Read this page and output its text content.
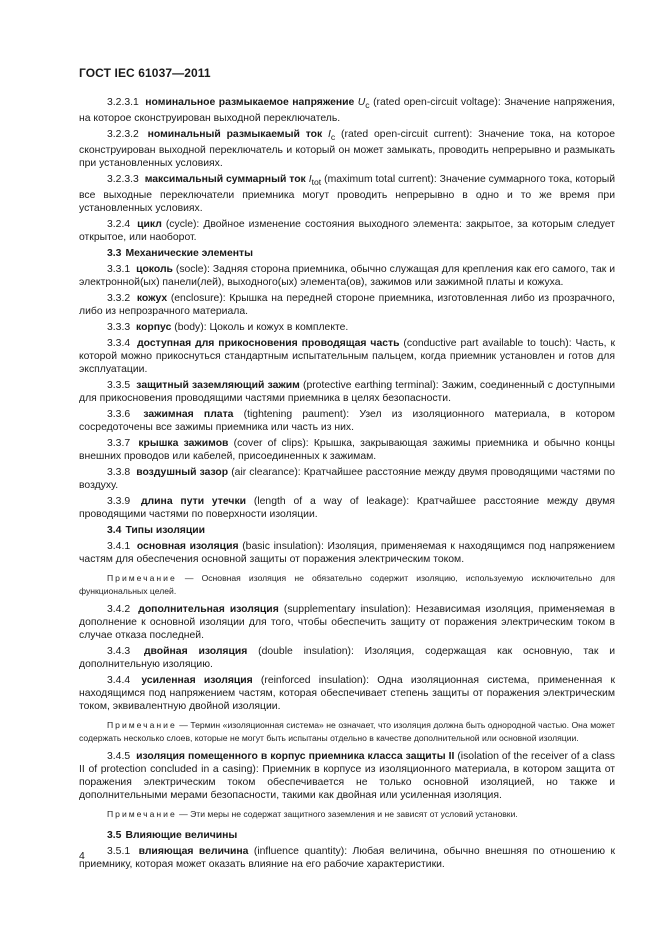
ГОСТ IEC 61037—2011

3.2.3.1 номинальное размыкаемое напряжение $U_c$ (rated open-circuit voltage): Значение напряжения, на которое сконструирован выходной переключатель.

3.2.3.2 номинальный размыкаемый ток $I_c$ (rated open-circuit current): Значение тока, на которое сконструирован выходной переключатель и который он может замыкать, проводить непрерывно и размыкать при установленных условиях.

3.2.3.3 максимальный суммарный ток $I_{tot}$ (maximum total current): Значение суммарного тока, который все выходные переключатели приемника могут проводить непрерывно в одно и то же время при установленных условиях.

3.2.4 цикл (cycle): Двойное изменение состояния выходного элемента: закрытое, за которым следует открытое, или наоборот.

3.3 Механические элементы

3.3.1 цоколь (socle): Задняя сторона приемника, обычно служащая для крепления как его самого, так и электронной(ых) панели(лей), выходного(ых) элемента(ов), зажимов или зажимной платы и кожуха.

3.3.2 кожух (enclosure): Крышка на передней стороне приемника, изготовленная либо из прозрачного, либо из непрозрачного материала.

3.3.3 корпус (body): Цоколь и кожух в комплекте.

3.3.4 доступная для прикосновения проводящая часть (conductive part available to touch): Часть, к которой можно прикоснуться стандартным испытательным пальцем, когда приемник установлен и готов для эксплуатации.

3.3.5 защитный заземляющий зажим (protective earthing terminal): Зажим, соединенный с доступными для прикосновения проводящими частями приемника в целях безопасности.

3.3.6 зажимная плата (tightening paument): Узел из изоляционного материала, в котором сосредоточены все зажимы приемника или часть из них.

3.3.7 крышка зажимов (cover of clips): Крышка, закрывающая зажимы приемника и обычно концы внешних проводов или кабелей, присоединенных к зажимам.

3.3.8 воздушный зазор (air clearance): Кратчайшее расстояние между двумя проводящими частями по воздуху.

3.3.9 длина пути утечки (length of a way of leakage): Кратчайшее расстояние между двумя проводящими частями по поверхности изоляции.

3.4 Типы изоляции

3.4.1 основная изоляция (basic insulation): Изоляция, применяемая к находящимся под напряжением частям для обеспечения основной защиты от поражения электрическим током.

Примечание — Основная изоляция не обязательно содержит изоляцию, используемую исключительно для функциональных целей.

3.4.2 дополнительная изоляция (supplementary insulation): Независимая изоляция, применяемая в дополнение к основной изоляции для того, чтобы обеспечить защиту от поражения электрическим током в случае отказа последней.

3.4.3 двойная изоляция (double insulation): Изоляция, содержащая как основную, так и дополнительную изоляцию.

3.4.4 усиленная изоляция (reinforced insulation): Одна изоляционная система, примененная к находящимся под напряжением частям, которая обеспечивает степень защиты от поражения электрическим током, эквивалентную двойной изоляции.

Примечание — Термин «изоляционная система» не означает, что изоляция должна быть однородной частью. Она может содержать несколько слоев, которые не могут быть испытаны отдельно в качестве дополнительной или основной изоляции.

3.4.5 изоляция помещенного в корпус приемника класса защиты II (isolation of the receiver of a class II of protection concluded in a casing): Приемник в корпусе из изоляционного материала, в котором защита от поражения электрическим током обеспечивается не только основной изоляцией, но также и дополнительными мерами безопасности, такими как двойная или усиленная изоляция.

Примечание — Эти меры не содержат защитного заземления и не зависят от условий установки.

3.5 Влияющие величины

3.5.1 влияющая величина (influence quantity): Любая величина, обычно внешняя по отношению к приемнику, которая может оказать влияние на его рабочие характеристики.

4
